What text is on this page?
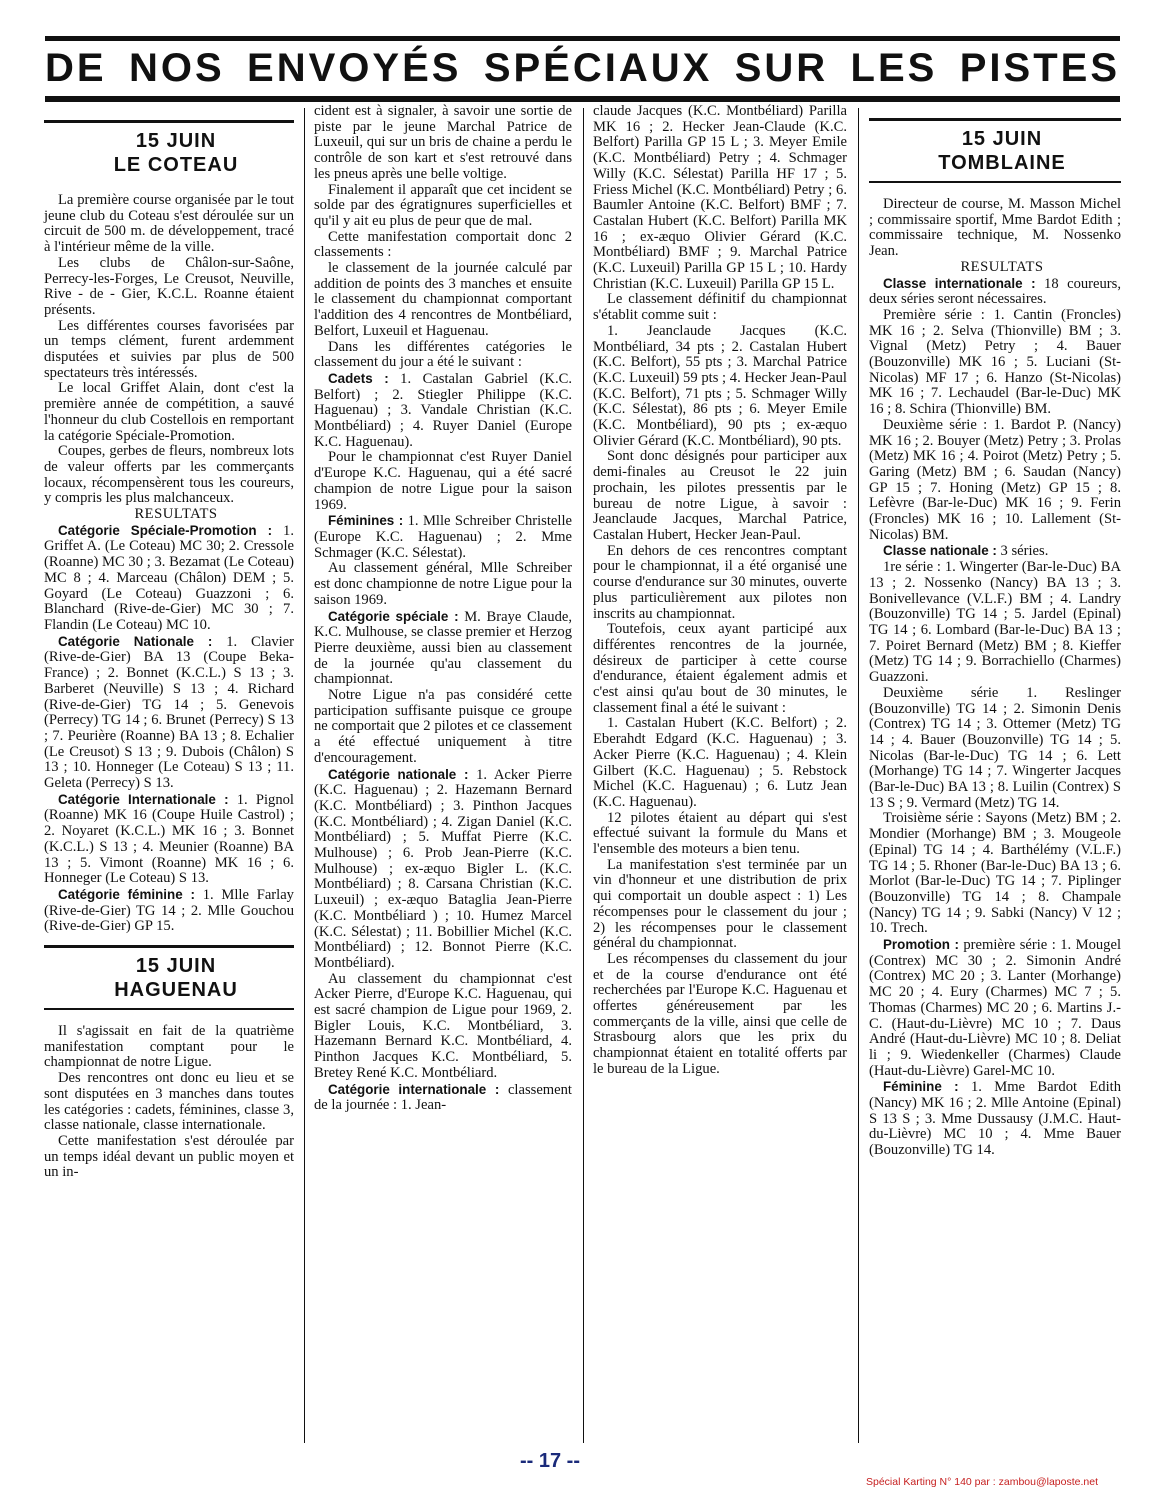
DE NOS ENVOYÉS SPÉCIAUX SUR LES PISTES

15 JUIN

LE COTEAU

La première course organisée par le tout jeune club du Coteau s'est déroulée sur un circuit de 500 m. de développement, tracé à l'intérieur même de la ville.

Les clubs de Châlon-sur-Saône, Perrecy-les-Forges, Le Creusot, Neuville, Rive - de - Gier, K.C.L. Roanne étaient présents.

Les différentes courses favorisées par un temps clément, furent ardemment disputées et suivies par plus de 500 spectateurs très intéressés.

Le local Griffet Alain, dont c'est la première année de compétition, a sauvé l'honneur du club Costellois en remportant la catégorie Spéciale-Promotion.

Coupes, gerbes de fleurs, nombreux lots de valeur offerts par les commerçants locaux, récompensèrent tous les coureurs, y compris les plus malchanceux.

RESULTATS

Catégorie Spéciale-Promotion : 1. Griffet A. (Le Coteau) MC 30; 2. Cressole (Roanne) MC 30 ; 3. Bezamat (Le Coteau) MC 8 ; 4. Marceau (Châlon) DEM ; 5. Goyard (Le Coteau) Guazzoni ; 6. Blanchard (Rive-de-Gier) MC 30 ; 7. Flandin (Le Coteau) MC 10.

Catégorie Nationale : 1. Clavier (Rive-de-Gier) BA 13 (Coupe Beka-France) ; 2. Bonnet (K.C.L.) S 13 ; 3. Barberet (Neuville) S 13 ; 4. Richard (Rive-de-Gier) TG 14 ; 5. Genevois (Perrecy) TG 14 ; 6. Brunet (Perrecy) S 13 ; 7. Peurière (Roanne) BA 13 ; 8. Echalier (Le Creusot) S 13 ; 9. Dubois (Châlon) S 13 ; 10. Honneger (Le Coteau) S 13 ; 11. Geleta (Perrecy) S 13.

Catégorie Internationale : 1. Pignol (Roanne) MK 16 (Coupe Huile Castrol) ; 2. Noyaret (K.C.L.) MK 16 ; 3. Bonnet (K.C.L.) S 13 ; 4. Meunier (Roanne) BA 13 ; 5. Vimont (Roanne) MK 16 ; 6. Honneger (Le Coteau) S 13.

Catégorie féminine : 1. Mlle Farlay (Rive-de-Gier) TG 14 ; 2. Mlle Gouchou (Rive-de-Gier) GP 15.

15 JUIN

HAGUENAU

Il s'agissait en fait de la quatrième manifestation comptant pour le championnat de notre Ligue.

Des rencontres ont donc eu lieu et se sont disputées en 3 manches dans toutes les catégories : cadets, féminines, classe 3, classe nationale, classe internationale.

Cette manifestation s'est déroulée par un temps idéal devant un public moyen et un in-

cident est à signaler, à savoir une sortie de piste par le jeune Marchal Patrice de Luxeuil, qui sur un bris de chaine a perdu le contrôle de son kart et s'est retrouvé dans les pneus après une belle voltige.

Finalement il apparaît que cet incident se solde par des égratignures superficielles et qu'il y ait eu plus de peur que de mal.

Cette manifestation comportait donc 2 classements :

le classement de la journée calculé par addition de points des 3 manches et ensuite le classement du championnat comportant l'addition des 4 rencontres de Montbéliard, Belfort, Luxeuil et Haguenau.

Dans les différentes catégories le classement du jour a été le suivant :

Cadets : 1. Castalan Gabriel (K.C. Belfort) ; 2. Stiegler Philippe (K.C. Haguenau) ; 3. Vandale Christian (K.C. Montbéliard) ; 4. Ruyer Daniel (Europe K.C. Haguenau).

Pour le championnat c'est Ruyer Daniel d'Europe K.C. Haguenau, qui a été sacré champion de notre Ligue pour la saison 1969.

Féminines : 1. Mlle Schreiber Christelle (Europe K.C. Haguenau) ; 2. Mme Schmager (K.C. Sélestat).

Au classement général, Mlle Schreiber est donc championne de notre Ligue pour la saison 1969.

Catégorie spéciale : M. Braye Claude, K.C. Mulhouse, se classe premier et Herzog Pierre deuxième, aussi bien au classement de la journée qu'au classement du championnat.

Notre Ligue n'a pas considéré cette participation suffisante puisque ce groupe ne comportait que 2 pilotes et ce classement a été effectué uniquement à titre d'encouragement.

Catégorie nationale : 1. Acker Pierre (K.C. Haguenau) ; 2. Hazemann Bernard (K.C. Montbéliard) ; 3. Pinthon Jacques (K.C. Montbéliard) ; 4. Zigan Daniel (K.C. Montbéliard) ; 5. Muffat Pierre (K.C. Mulhouse) ; 6. Prob Jean-Pierre (K.C. Mulhouse) ; ex-æquo Bigler L. (K.C. Montbéliard) ; 8. Carsana Christian (K.C. Luxeuil) ; ex-æquo Bataglia Jean-Pierre (K.C. Montbéliard ) ; 10. Humez Marcel (K.C. Sélestat) ; 11. Bobillier Michel (K.C. Montbéliard) ; 12. Bonnot Pierre (K.C. Montbéliard).

Au classement du championnat c'est Acker Pierre, d'Europe K.C. Haguenau, qui est sacré champion de Ligue pour 1969, 2. Bigler Louis, K.C. Montbéliard, 3. Hazemann Bernard K.C. Montbéliard, 4. Pinthon Jacques K.C. Montbéliard, 5. Bretey René K.C. Montbéliard.

Catégorie internationale : classement de la journée : 1. Jean-

claude Jacques (K.C. Montbéliard) Parilla MK 16 ; 2. Hecker Jean-Claude (K.C. Belfort) Parilla GP 15 L ; 3. Meyer Emile (K.C. Montbéliard) Petry ; 4. Schmager Willy (K.C. Sélestat) Parilla HF 17 ; 5. Friess Michel (K.C. Montbéliard) Petry ; 6. Baumler Antoine (K.C. Belfort) BMF ; 7. Castalan Hubert (K.C. Belfort) Parilla MK 16 ; ex-æquo Olivier Gérard (K.C. Montbéliard) BMF ; 9. Marchal Patrice (K.C. Luxeuil) Parilla GP 15 L ; 10. Hardy Christian (K.C. Luxeuil) Parilla GP 15 L.

Le classement définitif du championnat s'établit comme suit :

1. Jeanclaude Jacques (K.C. Montbéliard, 34 pts ; 2. Castalan Hubert (K.C. Belfort), 55 pts ; 3. Marchal Patrice (K.C. Luxeuil) 59 pts ; 4. Hecker Jean-Paul (K.C. Belfort), 71 pts ; 5. Schmager Willy (K.C. Sélestat), 86 pts ; 6. Meyer Emile (K.C. Montbéliard), 90 pts ; ex-æquo Olivier Gérard (K.C. Montbéliard), 90 pts.

Sont donc désignés pour participer aux demi-finales au Creusot le 22 juin prochain, les pilotes pressentis par le bureau de notre Ligue, à savoir : Jeanclaude Jacques, Marchal Patrice, Castalan Hubert, Hecker Jean-Paul.

En dehors de ces rencontres comptant pour le championnat, il a été organisé une course d'endurance sur 30 minutes, ouverte plus particulièrement aux pilotes non inscrits au championnat.

Toutefois, ceux ayant participé aux différentes rencontres de la journée, désireux de participer à cette course d'endurance, étaient également admis et c'est ainsi qu'au bout de 30 minutes, le classement final a été le suivant :

1. Castalan Hubert (K.C. Belfort) ; 2. Eberahdt Edgard (K.C. Haguenau) ; 3. Acker Pierre (K.C. Haguenau) ; 4. Klein Gilbert (K.C. Haguenau) ; 5. Rebstock Michel (K.C. Haguenau) ; 6. Lutz Jean (K.C. Haguenau).

12 pilotes étaient au départ qui s'est effectué suivant la formule du Mans et l'ensemble des moteurs a bien tenu.

La manifestation s'est terminée par un vin d'honneur et une distribution de prix qui comportait un double aspect : 1) Les récompenses pour le classement du jour ; 2) les récompenses pour le classement général du championnat.

Les récompenses du classement du jour et de la course d'endurance ont été recherchées par l'Europe K.C. Haguenau et offertes généreusement par les commerçants de la ville, ainsi que celle de Strasbourg alors que les prix du championnat étaient en totalité offerts par le bureau de la Ligue.

15 JUIN

TOMBLAINE

Directeur de course, M. Masson Michel ; commissaire sportif, Mme Bardot Edith ; commissaire technique, M. Nossenko Jean.

RESULTATS

Classe internationale : 18 coureurs, deux séries seront nécessaires.

Première série : 1. Cantin (Froncles) MK 16 ; 2. Selva (Thionville) BM ; 3. Vignal (Metz) Petry ; 4. Bauer (Bouzonville) MK 16 ; 5. Luciani (St-Nicolas) MF 17 ; 6. Hanzo (St-Nicolas) MK 16 ; 7. Lechaudel (Bar-le-Duc) MK 16 ; 8. Schira (Thionville) BM.

Deuxième série : 1. Bardot P. (Nancy) MK 16 ; 2. Bouyer (Metz) Petry ; 3. Prolas (Metz) MK 16 ; 4. Poirot (Metz) Petry ; 5. Garing (Metz) BM ; 6. Saudan (Nancy) GP 15 ; 7. Honing (Metz) GP 15 ; 8. Lefèvre (Bar-le-Duc) MK 16 ; 9. Ferin (Froncles) MK 16 ; 10. Lallement (St-Nicolas) BM.

Classe nationale : 3 séries.

1re série : 1. Wingerter (Bar-le-Duc) BA 13 ; 2. Nossenko (Nancy) BA 13 ; 3. Bonivellevance (V.L.F.) BM ; 4. Landry (Bouzonville) TG 14 ; 5. Jardel (Epinal) TG 14 ; 6. Lombard (Bar-le-Duc) BA 13 ; 7. Poiret Bernard (Metz) BM ; 8. Kieffer (Metz) TG 14 ; 9. Borrachiello (Charmes) Guazzoni.

Deuxième série 1. Reslinger (Bouzonville) TG 14 ; 2. Simonin Denis (Contrex) TG 14 ; 3. Ottemer (Metz) TG 14 ; 4. Bauer (Bouzonville) TG 14 ; 5. Nicolas (Bar-le-Duc) TG 14 ; 6. Lett (Morhange) TG 14 ; 7. Wingerter Jacques (Bar-le-Duc) BA 13 ; 8. Luilin (Contrex) S 13 S ; 9. Vermard (Metz) TG 14.

Troisième série : Sayons (Metz) BM ; 2. Mondier (Morhange) BM ; 3. Mougeole (Epinal) TG 14 ; 4. Barthélémy (V.L.F.) TG 14 ; 5. Rhoner (Bar-le-Duc) BA 13 ; 6. Morlot (Bar-le-Duc) TG 14 ; 7. Piplinger (Bouzonville) TG 14 ; 8. Champale (Nancy) TG 14 ; 9. Sabki (Nancy) V 12 ; 10. Trech.

Promotion : première série : 1. Mougel (Contrex) MC 30 ; 2. Simonin André (Contrex) MC 20 ; 3. Lanter (Morhange) MC 20 ; 4. Eury (Charmes) MC 7 ; 5. Thomas (Charmes) MC 20 ; 6. Martins J.-C. (Haut-du-Lièvre) MC 10 ; 7. Daus André (Haut-du-Lièvre) MC 10 ; 8. Deliat li ; 9. Wiedenkeller (Charmes) Claude (Haut-du-Lièvre) Garel-MC 10.

Féminine : 1. Mme Bardot Edith (Nancy) MK 16 ; 2. Mlle Antoine (Epinal) S 13 S ; 3. Mme Dussausy (J.M.C. Haut-du-Lièvre) MC 10 ; 4. Mme Bauer (Bouzonville) TG 14.

-- 17 --
Spécial Karting N° 140 par : zambou@laposte.net
